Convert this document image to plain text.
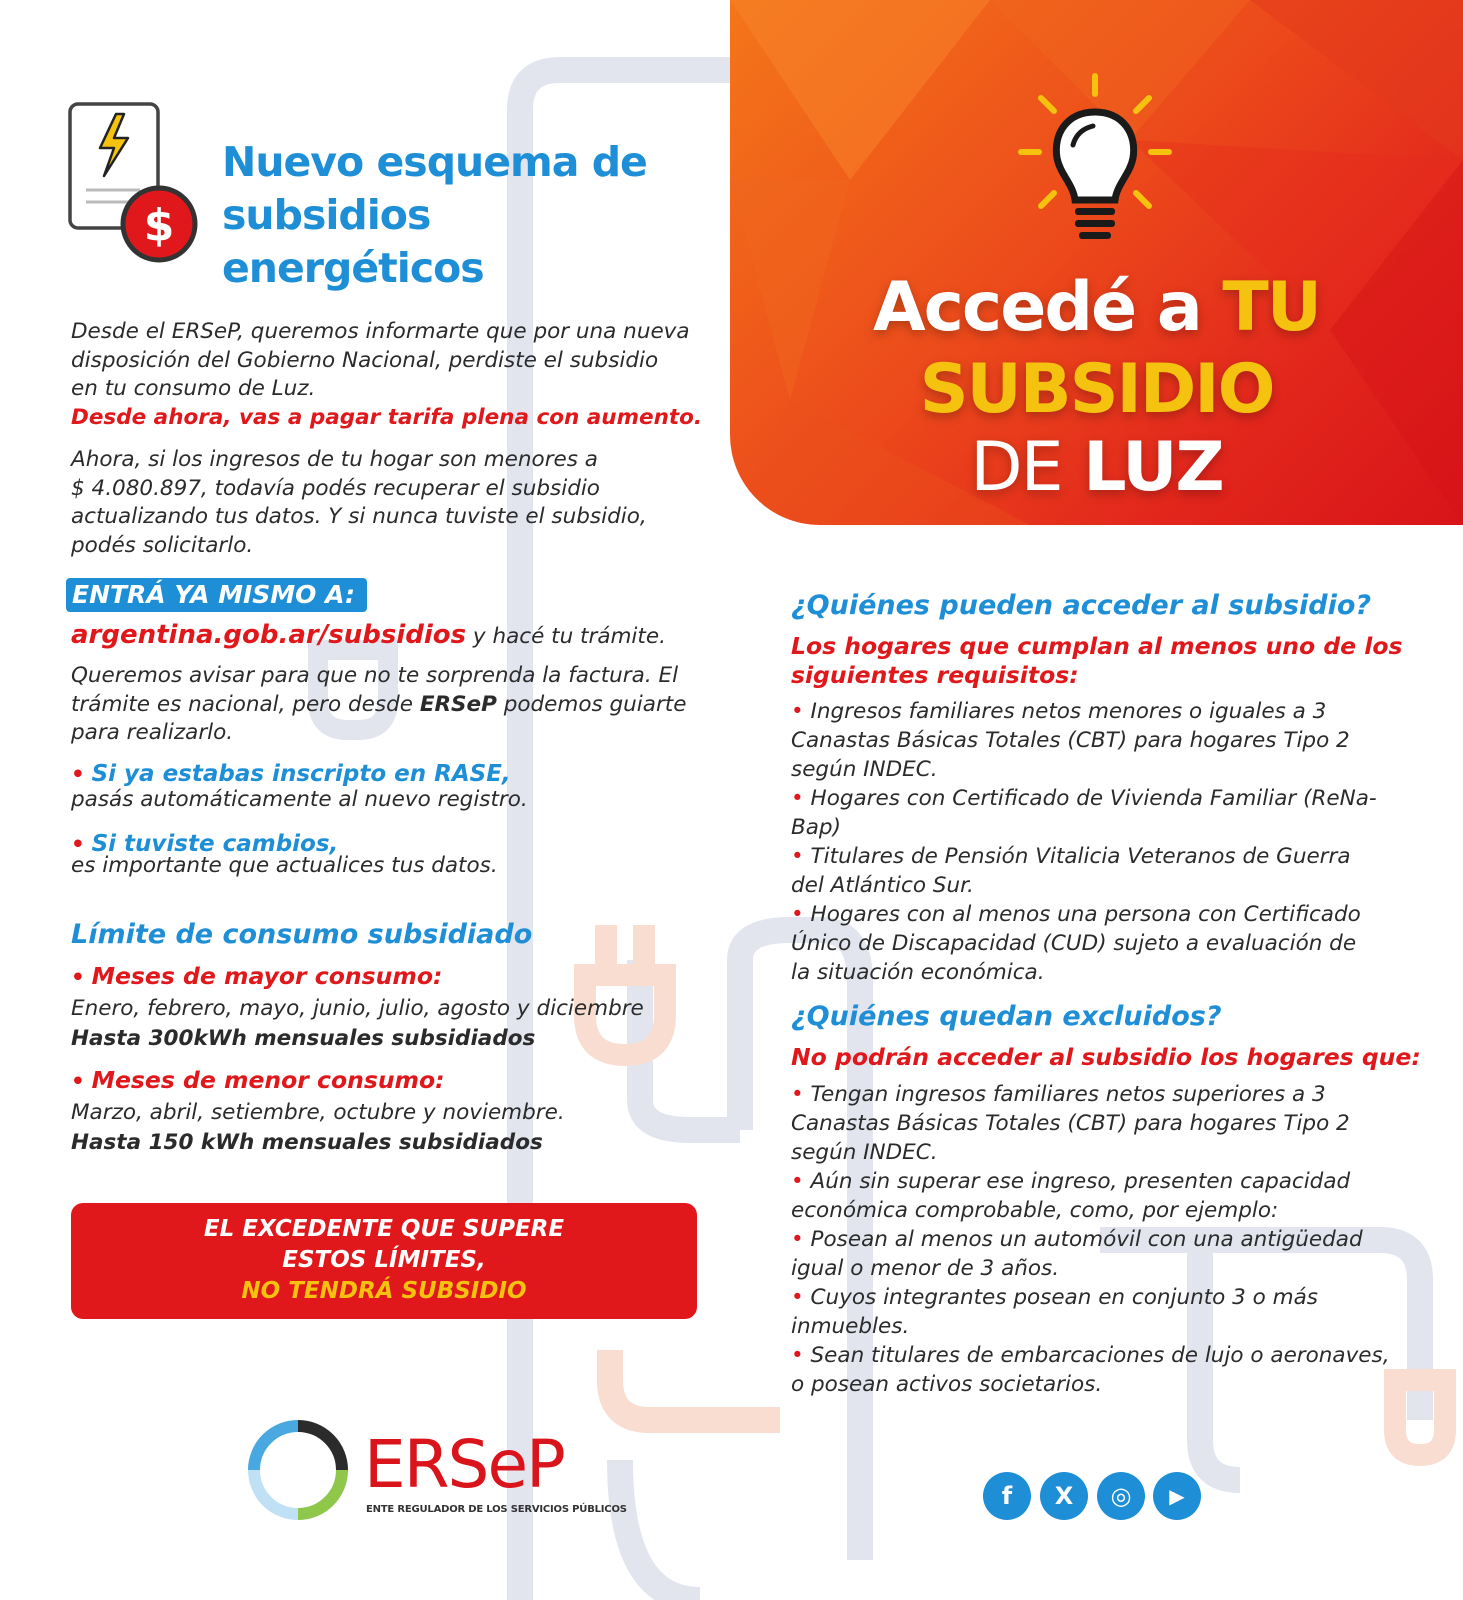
Accedé a TU
SUBSIDIO
DE LUZ
$
Nuevo esquema de
subsidios energéticos
Desde el ERSeP, queremos informarte que por una nueva
disposición del Gobierno Nacional, perdiste el subsidio
en tu consumo de Luz.
Desde ahora, vas a pagar tarifa plena con aumento.
Ahora, si los ingresos de tu hogar son menores a
$ 4.080.897, todavía podés recuperar el subsidio
actualizando tus datos. Y si nunca tuviste el subsidio,
podés solicitarlo.
ENTRÁ YA MISMO A:
argentina.gob.ar/subsidios y hacé tu trámite.
Queremos avisar para que no te sorprenda la factura. El
trámite es nacional, pero desde ERSeP podemos guiarte
para realizarlo.
• Si ya estabas inscripto en RASE,
pasás automáticamente al nuevo registro.
• Si tuviste cambios,
es importante que actualices tus datos.
Límite de consumo subsidiado
• Meses de mayor consumo:
Enero, febrero, mayo, junio, julio, agosto y diciembre
Hasta 300kWh mensuales subsidiados
• Meses de menor consumo:
Marzo, abril, setiembre, octubre y noviembre.
Hasta 150 kWh mensuales subsidiados
EL EXCEDENTE QUE SUPERE
ESTOS LÍMITES,
NO TENDRÁ SUBSIDIO
¿Quiénes pueden acceder al subsidio?
Los hogares que cumplan al menos uno de los
siguientes requisitos:
• Ingresos familiares netos menores o iguales a 3
Canastas Básicas Totales (CBT) para hogares Tipo 2
según INDEC.
• Hogares con Certificado de Vivienda Familiar (ReNa-
Bap)
• Titulares de Pensión Vitalicia Veteranos de Guerra
del Atlántico Sur.
• Hogares con al menos una persona con Certificado
Único de Discapacidad (CUD) sujeto a evaluación de
la situación económica.
¿Quiénes quedan excluidos?
No podrán acceder al subsidio los hogares que:
• Tengan ingresos familiares netos superiores a 3
Canastas Básicas Totales (CBT) para hogares Tipo 2
según INDEC.
• Aún sin superar ese ingreso, presenten capacidad
económica comprobable, como, por ejemplo:
• Posean al menos un automóvil con una antigüedad
igual o menor de 3 años.
• Cuyos integrantes posean en conjunto 3 o más
inmuebles.
• Sean titulares de embarcaciones de lujo o aeronaves,
o posean activos societarios.
ERSeP
ENTE REGULADOR DE LOS SERVICIOS PÚBLICOS	f	X	◎	▶
